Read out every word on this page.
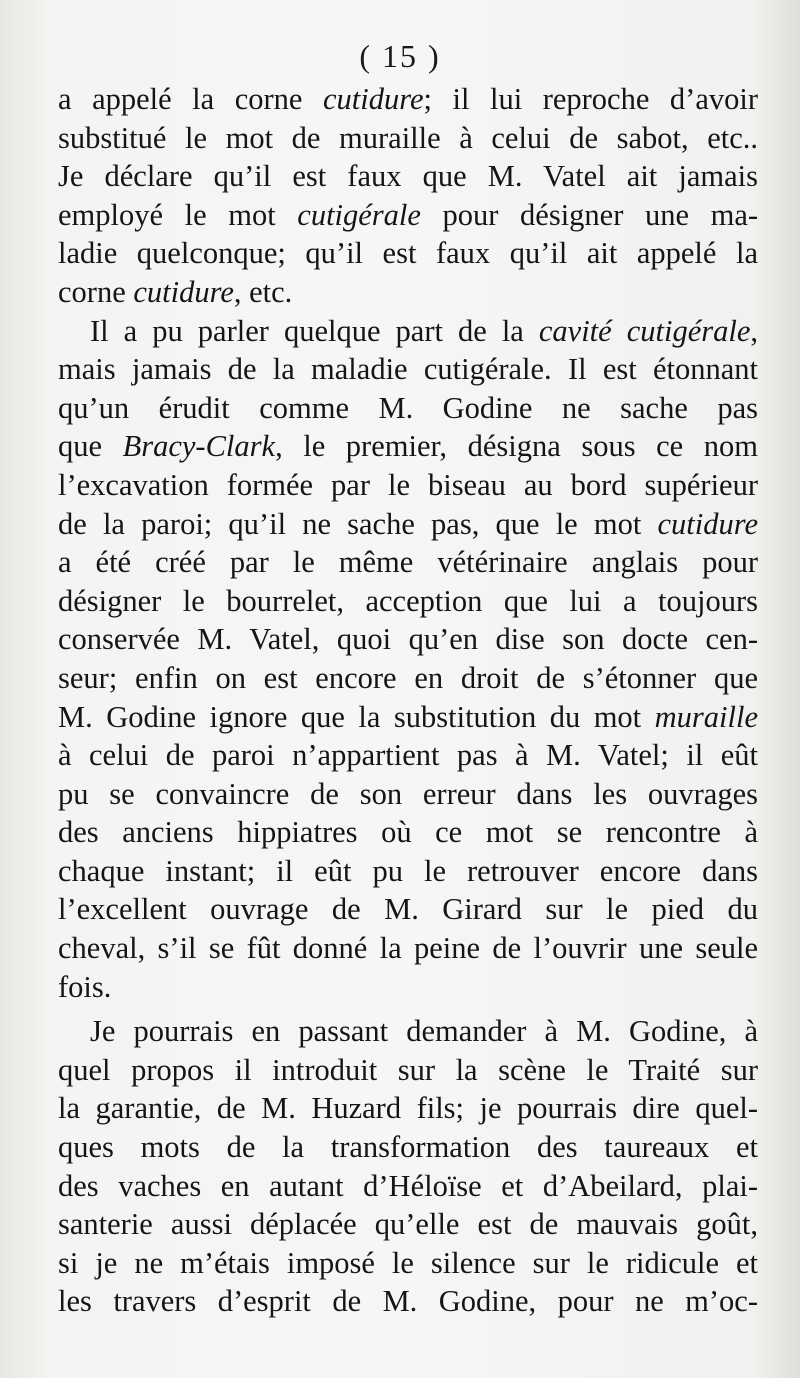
( 15 )
a appelé la corne cutidure; il lui reproche d’avoir
substitué le mot de muraille à celui de sabot, etc..
Je déclare qu’il est faux que M. Vatel ait jamais
employé le mot cutigérale pour désigner une ma-
ladie quelconque; qu’il est faux qu’il ait appelé la
corne cutidure, etc.
Il a pu parler quelque part de la cavité cutigérale,
mais jamais de la maladie cutigérale. Il est étonnant
qu’un érudit comme M. Godine ne sache pas
que Bracy-Clark, le premier, désigna sous ce nom
l’excavation formée par le biseau au bord supérieur
de la paroi; qu’il ne sache pas, que le mot cutidure
a été créé par le même vétérinaire anglais pour
désigner le bourrelet, acception que lui a toujours
conservée M. Vatel, quoi qu’en dise son docte cen-
seur; enfin on est encore en droit de s’étonner que
M. Godine ignore que la substitution du mot muraille
à celui de paroi n’appartient pas à M. Vatel; il eût
pu se convaincre de son erreur dans les ouvrages
des anciens hippiatres où ce mot se rencontre à
chaque instant; il eût pu le retrouver encore dans
l’excellent ouvrage de M. Girard sur le pied du
cheval, s’il se fût donné la peine de l’ouvrir une seule
fois.
Je pourrais en passant demander à M. Godine, à
quel propos il introduit sur la scène le Traité sur
la garantie, de M. Huzard fils; je pourrais dire quel-
ques mots de la transformation des taureaux et
des vaches en autant d’Héloïse et d’Abeilard, plai-
santerie aussi déplacée qu’elle est de mauvais goût,
si je ne m’étais imposé le silence sur le ridicule et
les travers d’esprit de M. Godine, pour ne m’oc-
